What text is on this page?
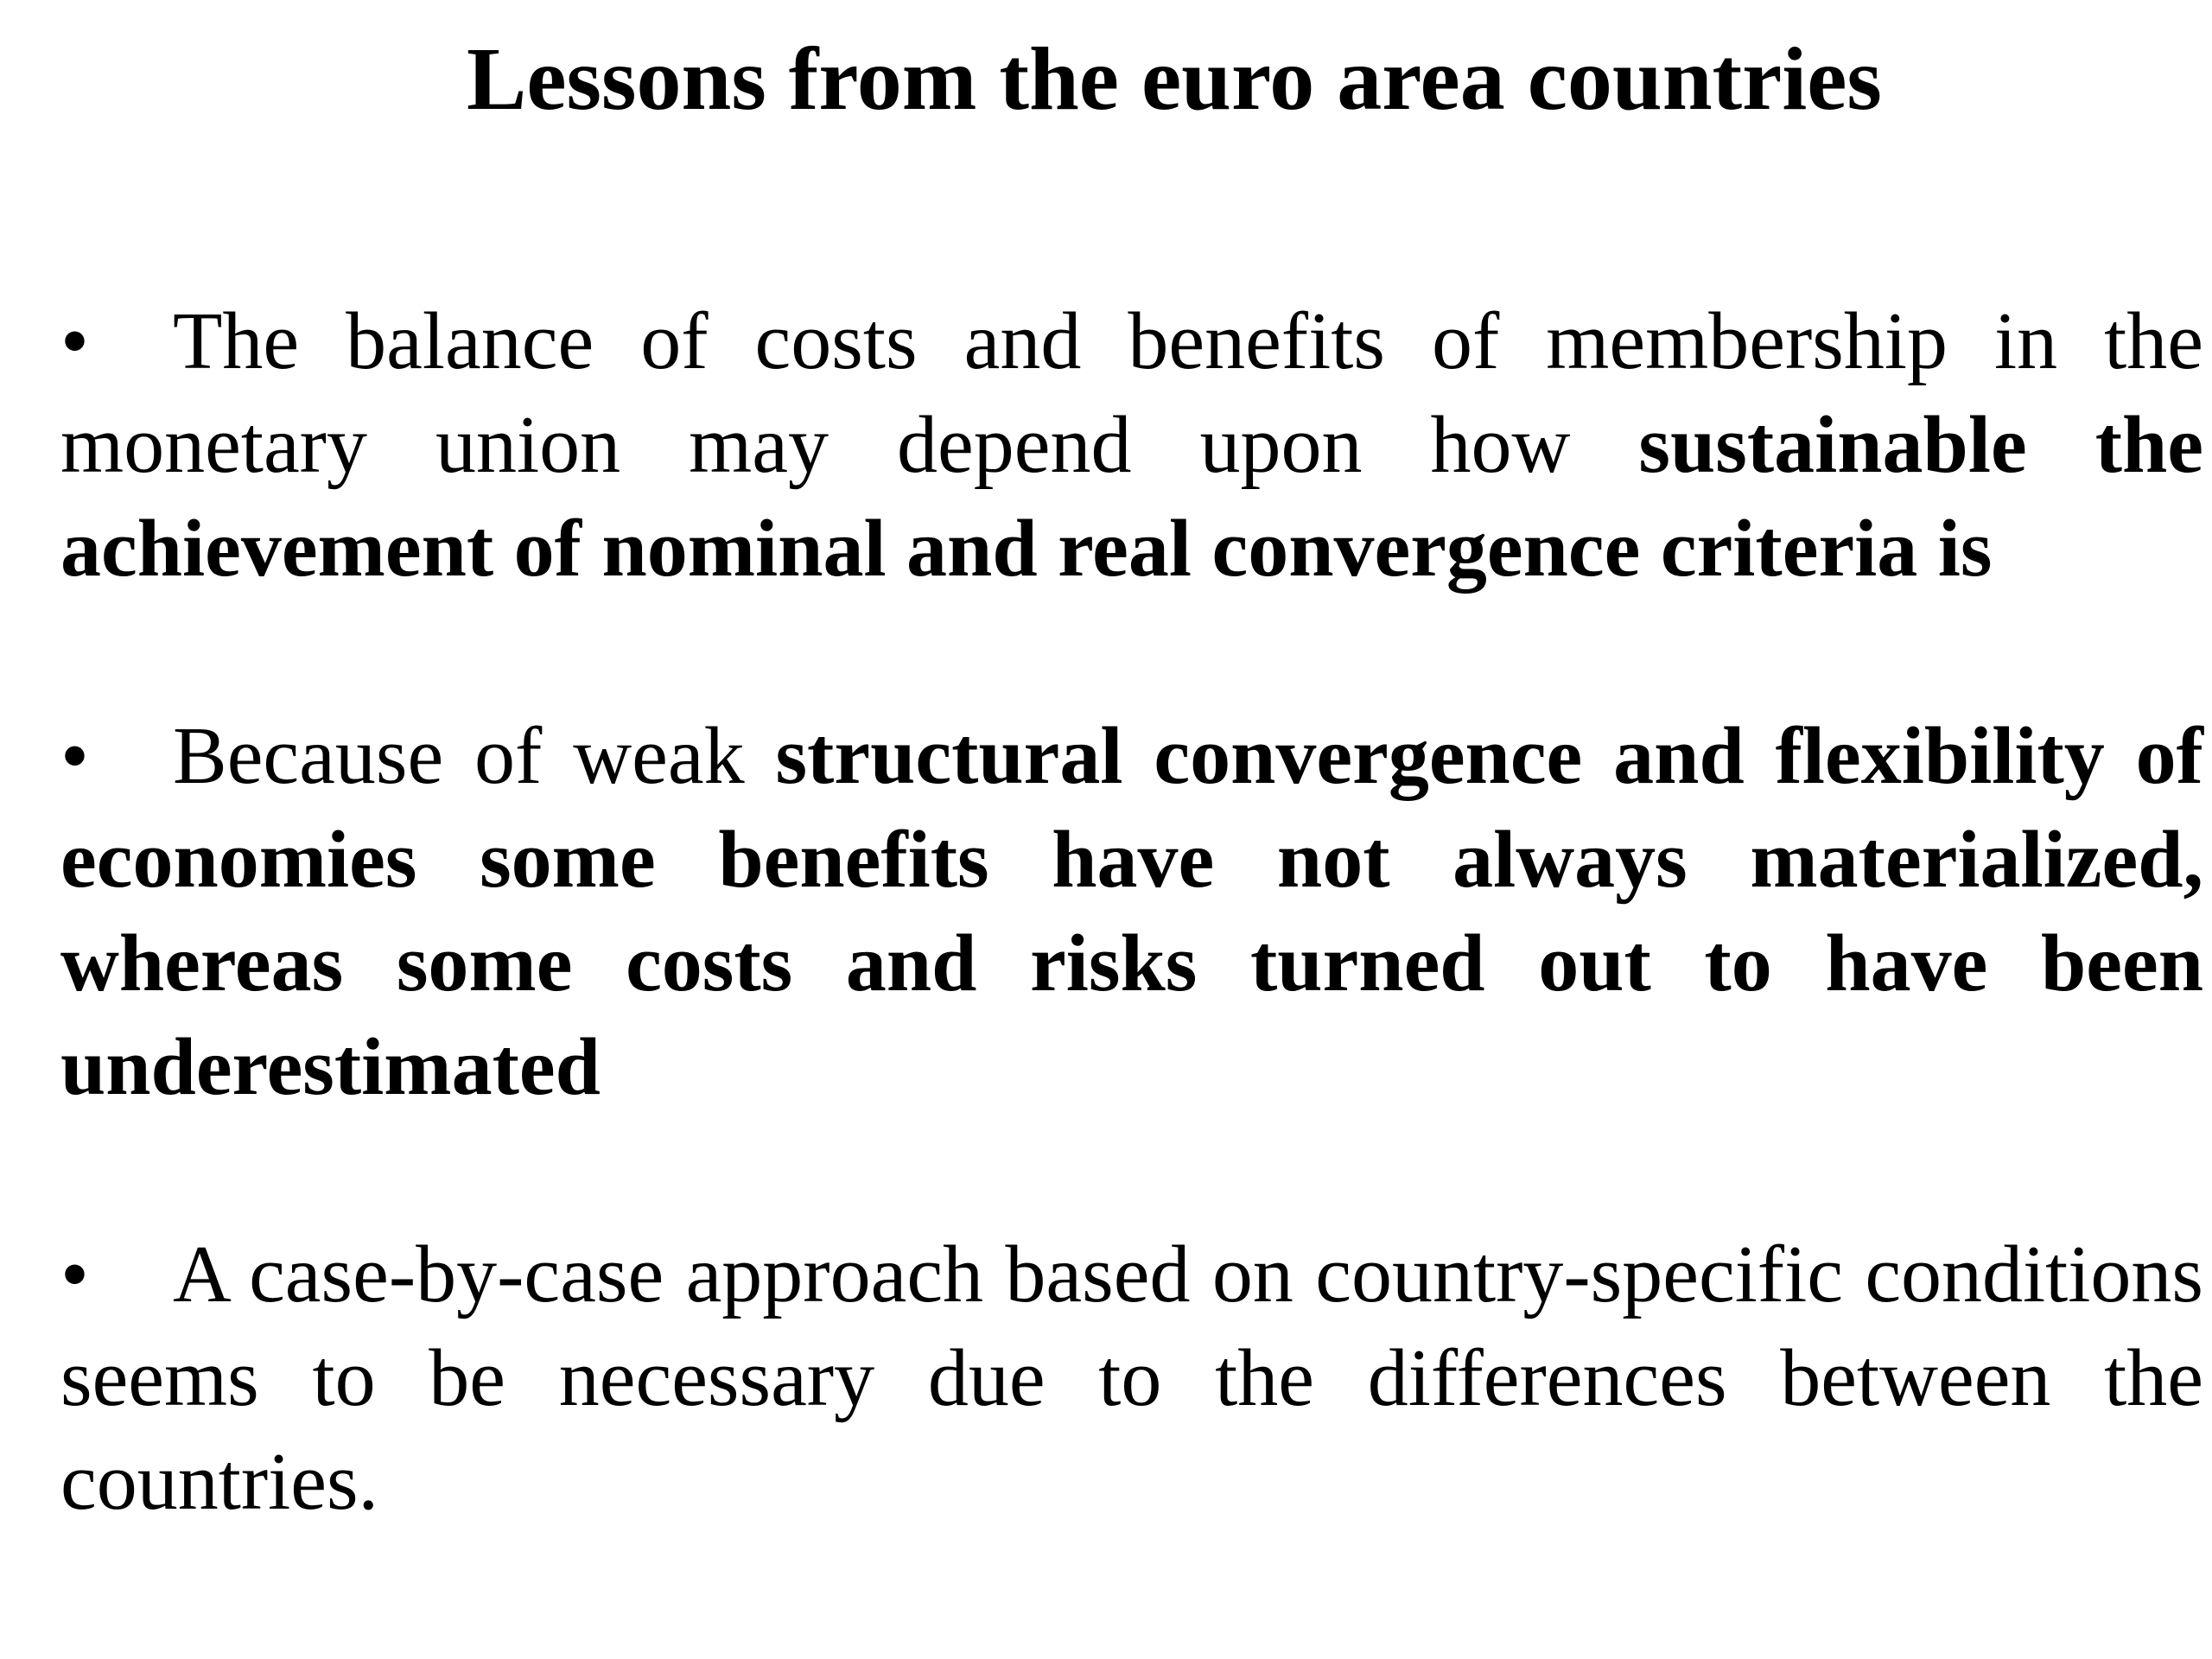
Lessons from the euro area countries

• The balance of costs and benefits of membership in the monetary union may depend upon how sustainable the achievement of nominal and real convergence criteria is

• Because of weak structural convergence and flexibility of economies some benefits have not always materialized, whereas some costs and risks turned out to have been underestimated

• A case-by-case approach based on country-specific conditions seems to be necessary due to the differences between the countries.
